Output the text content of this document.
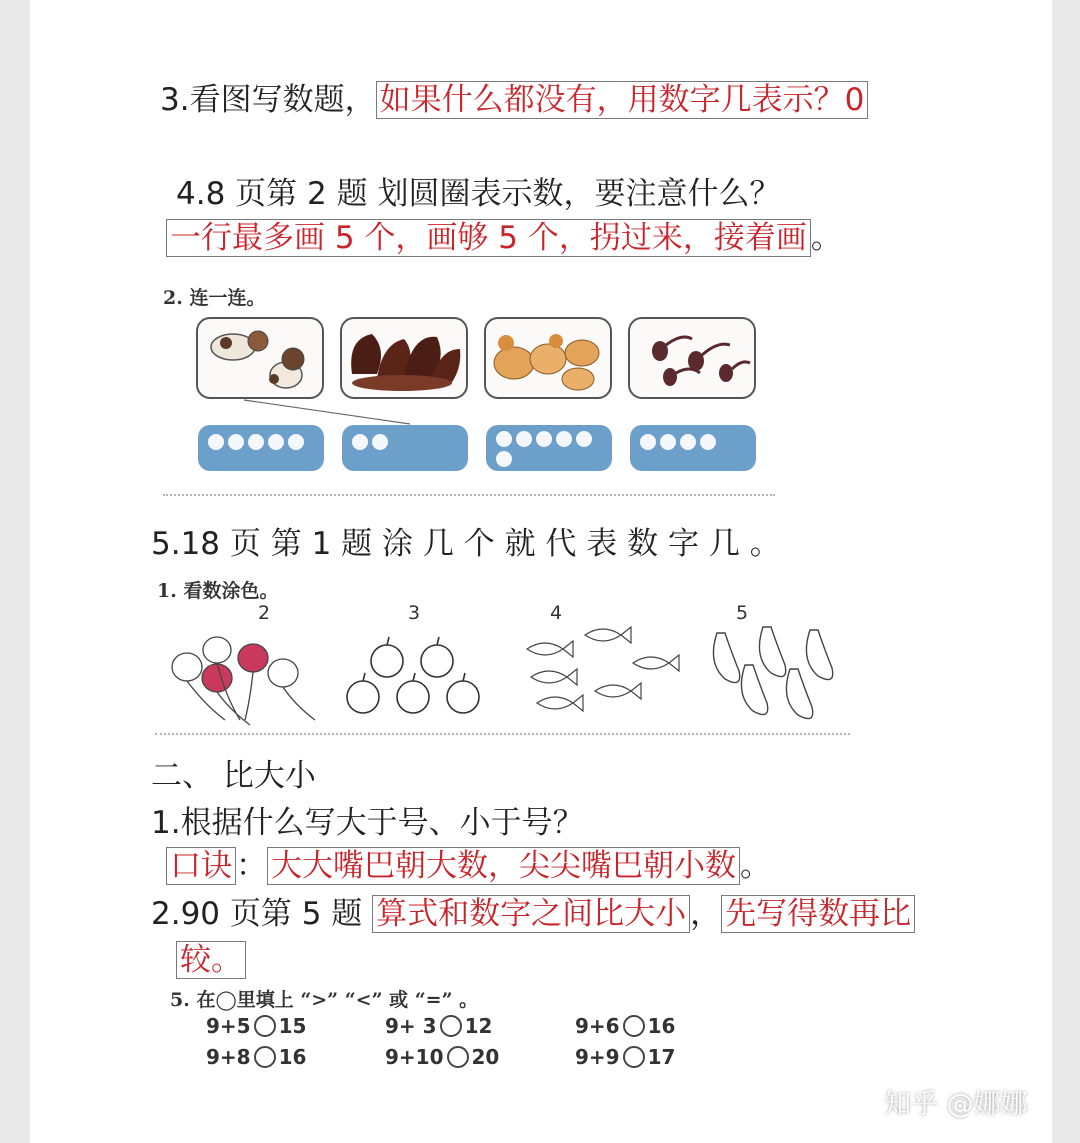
3.看图写数题， 如果什么都没有，用数字几表示？0
4.8 页第 2 题 划圆圈表示数，要注意什么？
一行最多画 5 个，画够 5 个，拐过来，接着画 。
2. 连一连。
5.18 页 第 1 题 涂 几 个 就 代 表 数 字 几 。
1. 看数涂色。
2	3	4	5
二、 比大小
1.根据什么写大于号、小于号？
口诀 ： 大大嘴巴朝大数，尖尖嘴巴朝小数 。
2.90 页第 5 题 算式和数字之间比大小 ， 先写得数再比
较。
5. 在◯里填上 “>” “<” 或 “=” 。
9+5 15	9+ 3 12	9+6 16
9+8 16	9+10 20	9+9 17
知乎 @娜娜
